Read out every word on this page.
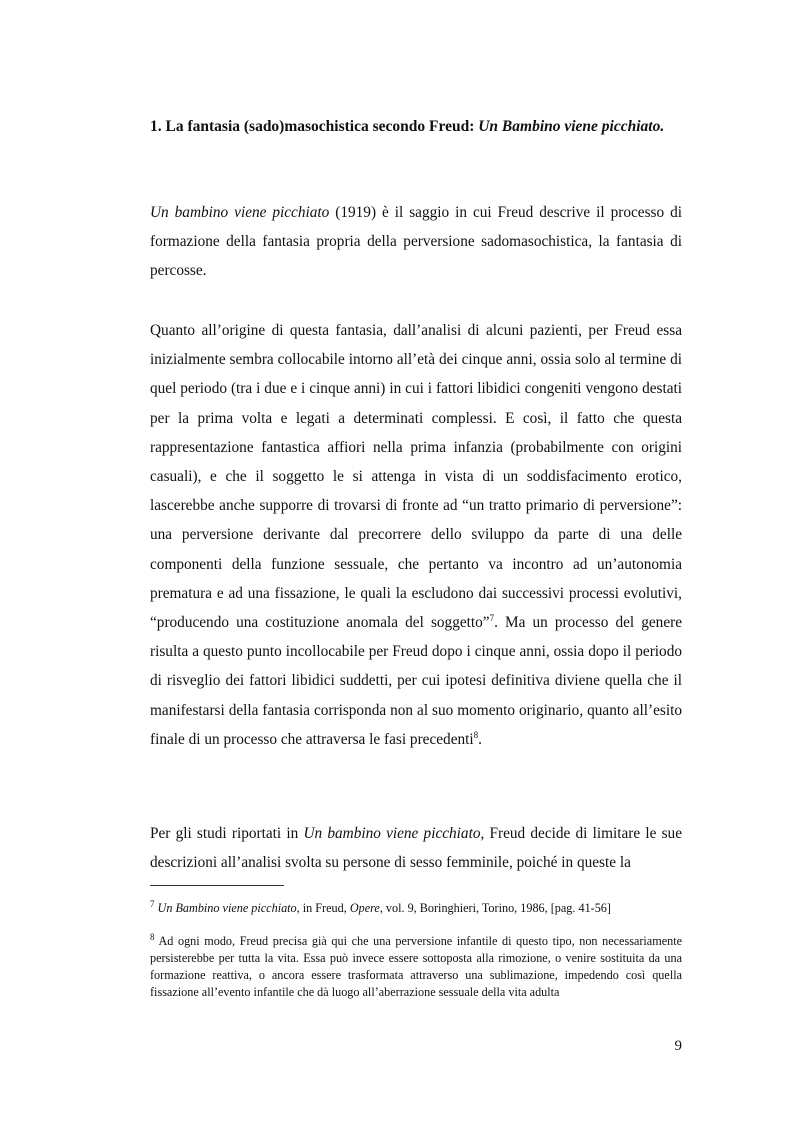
1. La fantasia (sado)masochistica secondo Freud: Un Bambino viene picchiato.

Un bambino viene picchiato (1919) è il saggio in cui Freud descrive il processo di formazione della fantasia propria della perversione sadomasochistica, la fantasia di percosse.

Quanto all’origine di questa fantasia, dall’analisi di alcuni pazienti, per Freud essa inizialmente sembra collocabile intorno all’età dei cinque anni, ossia solo al termine di quel periodo (tra i due e i cinque anni) in cui i fattori libidici congeniti vengono destati per la prima volta e legati a determinati complessi. E così, il fatto che questa rappresentazione fantastica affiori nella prima infanzia (probabilmente con origini casuali), e che il soggetto le si attenga in vista di un soddisfacimento erotico, lascerebbe anche supporre di trovarsi di fronte ad “un tratto primario di perversione”: una perversione derivante dal precorrere dello sviluppo da parte di una delle componenti della funzione sessuale, che pertanto va incontro ad un’autonomia prematura e ad una fissazione, le quali la escludono dai successivi processi evolutivi, “producendo una costituzione anomala del soggetto”$^7$. Ma un processo del genere risulta a questo punto incollocabile per Freud dopo i cinque anni, ossia dopo il periodo di risveglio dei fattori libidici suddetti, per cui ipotesi definitiva diviene quella che il manifestarsi della fantasia corrisponda non al suo momento originario, quanto all’esito finale di un processo che attraversa le fasi precedenti$^8$.

Per gli studi riportati in Un bambino viene picchiato, Freud decide di limitare le sue descrizioni all’analisi svolta su persone di sesso femminile, poiché in queste la

$^7$ Un Bambino viene picchiato, in Freud, Opere, vol. 9, Boringhieri, Torino, 1986, [pag. 41-56]

$^8$ Ad ogni modo, Freud precisa già qui che una perversione infantile di questo tipo, non necessariamente persisterebbe per tutta la vita. Essa può invece essere sottoposta alla rimozione, o venire sostituita da una formazione reattiva, o ancora essere trasformata attraverso una sublimazione, impedendo così quella fissazione all’evento infantile che dà luogo all’aberrazione sessuale della vita adulta

9
